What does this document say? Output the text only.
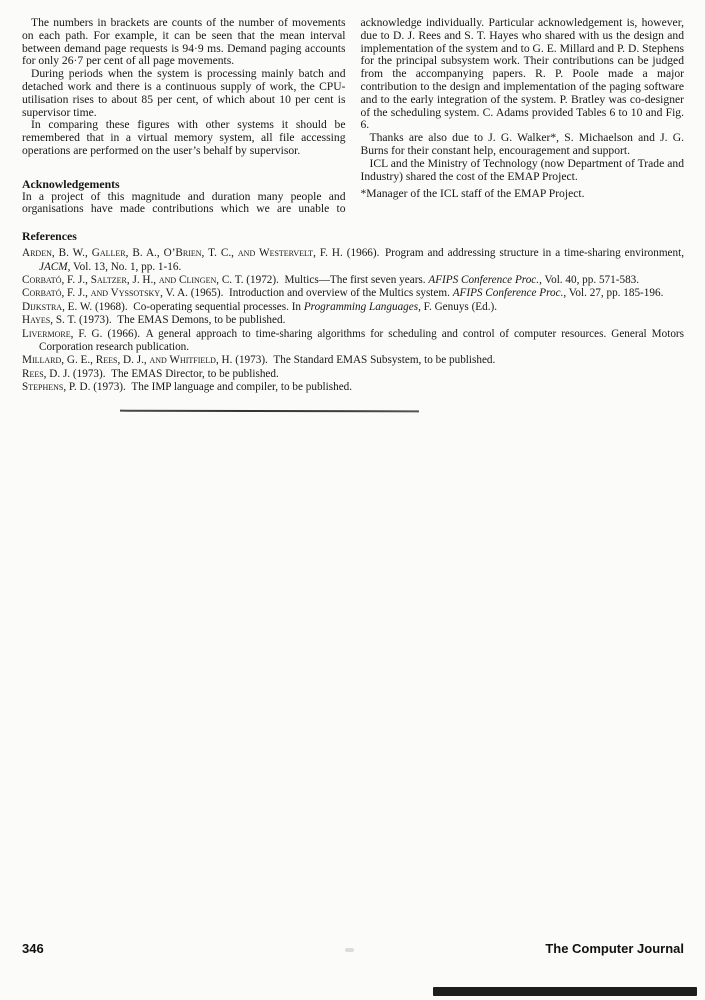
The numbers in brackets are counts of the number of movements on each path. For example, it can be seen that the mean interval between demand page requests is 94·9 ms. Demand paging accounts for only 26·7 per cent of all page movements.

During periods when the system is processing mainly batch and detached work and there is a continuous supply of work, the CPU-utilisation rises to about 85 per cent, of which about 10 per cent is supervisor time.

In comparing these figures with other systems it should be remembered that in a virtual memory system, all file accessing operations are performed on the user’s behalf by supervisor.

Acknowledgements

In a project of this magnitude and duration many people and organisations have made contributions which we are unable to

acknowledge individually. Particular acknowledgement is, however, due to D. J. Rees and S. T. Hayes who shared with us the design and implementation of the system and to G. E. Millard and P. D. Stephens for the principal subsystem work. Their contributions can be judged from the accompanying papers. R. P. Poole made a major contribution to the design and implementation of the paging software and to the early integration of the system. P. Bratley was co-designer of the scheduling system. C. Adams provided Tables 6 to 10 and Fig. 6.

Thanks are also due to J. G. Walker*, S. Michaelson and J. G. Burns for their constant help, encouragement and support.

ICL and the Ministry of Technology (now Department of Trade and Industry) shared the cost of the EMAP Project.

*Manager of the ICL staff of the EMAP Project.

References

Arden, B. W., Galler, B. A., O’Brien, T. C., and Westervelt, F. H. (1966). Program and addressing structure in a time-sharing environment, JACM, Vol. 13, No. 1, pp. 1-16.

Corbató, F. J., Saltzer, J. H., and Clingen, C. T. (1972). Multics—The first seven years. AFIPS Conference Proc., Vol. 40, pp. 571-583.

Corbató, F. J., and Vyssotsky, V. A. (1965). Introduction and overview of the Multics system. AFIPS Conference Proc., Vol. 27, pp. 185-196.

Dijkstra, E. W. (1968). Co-operating sequential processes. In Programming Languages, F. Genuys (Ed.).

Hayes, S. T. (1973). The EMAS Demons, to be published.

Livermore, F. G. (1966). A general approach to time-sharing algorithms for scheduling and control of computer resources. General Motors Corporation research publication.

Millard, G. E., Rees, D. J., and Whitfield, H. (1973). The Standard EMAS Subsystem, to be published.

Rees, D. J. (1973). The EMAS Director, to be published.

Stephens, P. D. (1973). The IMP language and compiler, to be published.

346	The Computer Journal
